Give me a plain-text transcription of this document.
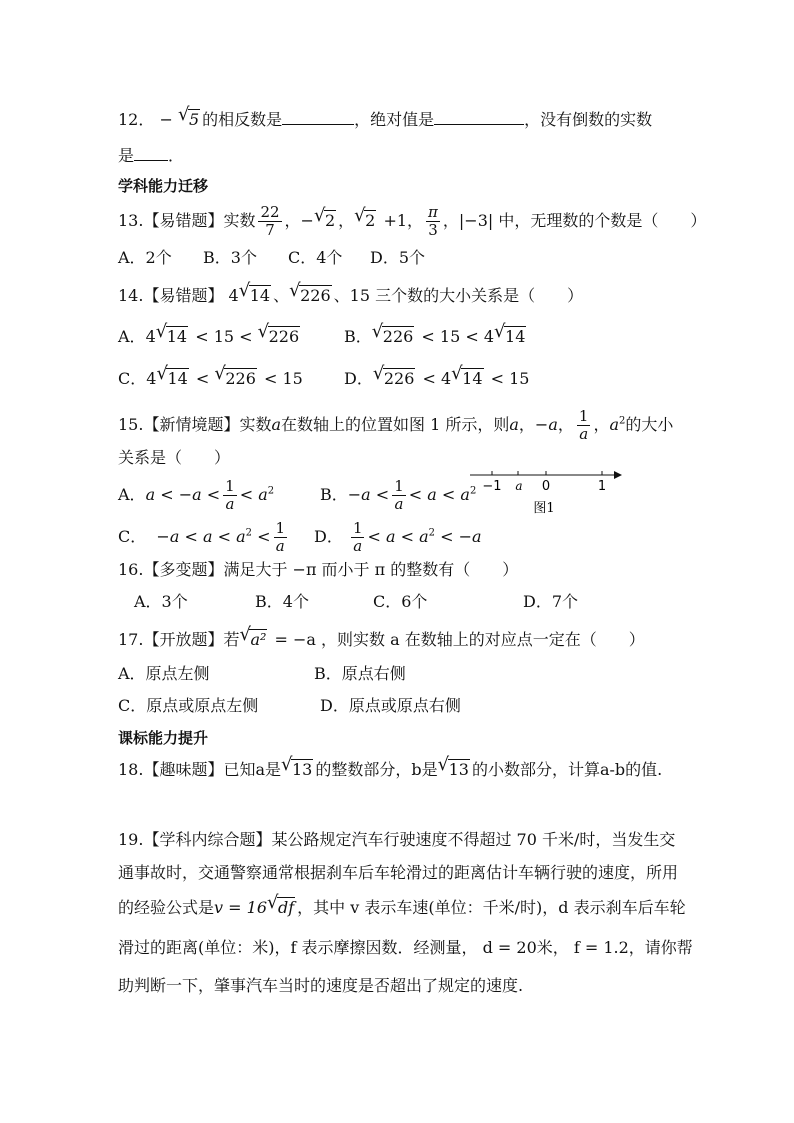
12． − √ 5 的相反数是	，绝对值是	，没有倒数的实数
是 ．
学科能力迁移
13.【易错题】实数 $\frac{22}{7}$ ，− √ 2 ， √ 2 +1， $\frac{\pi}{3}$ ，|−3| 中，无理数的个数是（　　）
A．2个 B．3个 C．4个 D．5个
14.【易错题】 4 √ 14 、 √ 226 、15 三个数的大小关系是（　　）
A．4 √ 14 < 15 < √ 226	B． √ 226 < 15 < 4 √ 14
C．4 √ 14 < √ 226 < 15	D． √ 226 < 4 √ 14 < 15
15.【新情境题】实数a在数轴上的位置如图 1 所示，则a，−a， $\frac{1}{a}$ ，$a^2$的大小
关系是（　　）
A．$a < -a < \frac{1}{a} < a^2$	B．$-a < \frac{1}{a} < a < a^2$
C．  $-a < a < a^2 < \frac{1}{a}$ D． $\frac{1}{a} < a < a^2 < -a$
−1 a 0	1
图1
16.【多变题】满足大于 −π 而小于 π 的整数有（　　）
A．3个	B．4个	C．6个	D．7个
17.【开放题】若 √ a² = −a ，则实数 a 在数轴上的对应点一定在（　　）
A．原点左侧	B．原点右侧
C．原点或原点左侧	D．原点或原点右侧
课标能力提升
18.【趣味题】已知a是 √ 13 的整数部分，b是 √ 13 的小数部分，计算a-b的值.
19.【学科内综合题】某公路规定汽车行驶速度不得超过 70 千米/时，当发生交
通事故时，交通警察通常根据刹车后车轮滑过的距离估计车辆行驶的速度，所用
的经验公式是v = 16 √ df ，其中 v 表示车速(单位：千米/时)，d 表示刹车后车轮
滑过的距离(单位：米)，f 表示摩擦因数．经测量， d = 20米， f = 1.2，请你帮
助判断一下，肇事汽车当时的速度是否超出了规定的速度.
